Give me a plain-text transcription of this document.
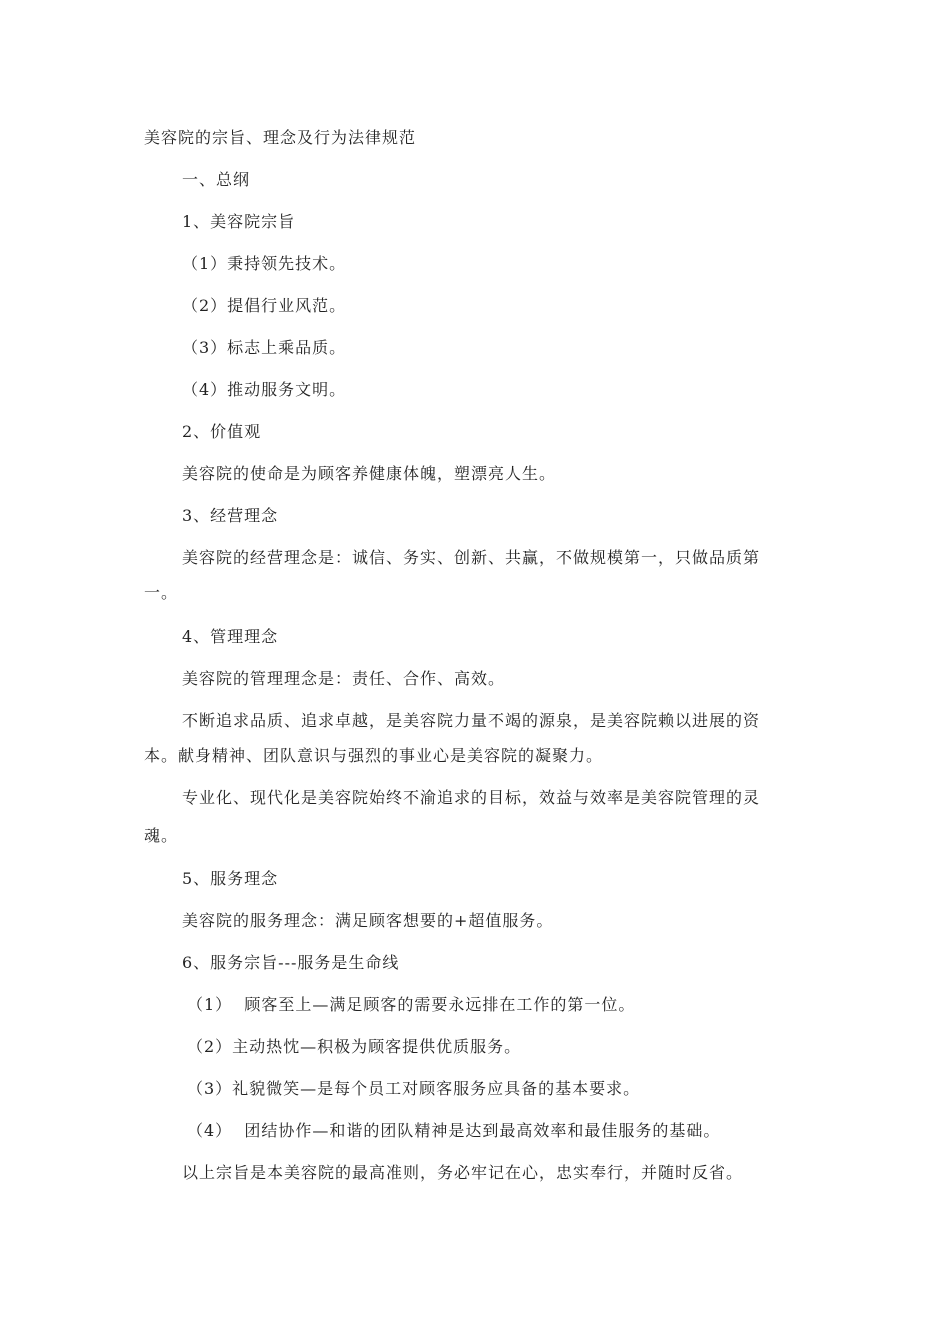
美容院的宗旨、理念及行为法律规范
一、总纲
1、美容院宗旨
（1）秉持领先技术。
（2）提倡行业风范。
（3）标志上乘品质。
（4）推动服务文明。
2、价值观
美容院的使命是为顾客养健康体魄，塑漂亮人生。
3、经营理念
美容院的经营理念是：诚信、务实、创新、共赢，不做规模第一，只做品质第
一。
4、管理理念
美容院的管理理念是：责任、合作、高效。
不断追求品质、追求卓越，是美容院力量不竭的源泉，是美容院赖以进展的资
本。献身精神、团队意识与强烈的事业心是美容院的凝聚力。
专业化、现代化是美容院始终不渝追求的目标，效益与效率是美容院管理的灵
魂。
5、服务理念
美容院的服务理念：满足顾客想要的+超值服务。
6、服务宗旨---服务是生命线
（1）  顾客至上—满足顾客的需要永远排在工作的第一位。
（2）主动热忱—积极为顾客提供优质服务。
（3）礼貌微笑—是每个员工对顾客服务应具备的基本要求。
（4）  团结协作—和谐的团队精神是达到最高效率和最佳服务的基础。
以上宗旨是本美容院的最高准则，务必牢记在心，忠实奉行，并随时反省。
